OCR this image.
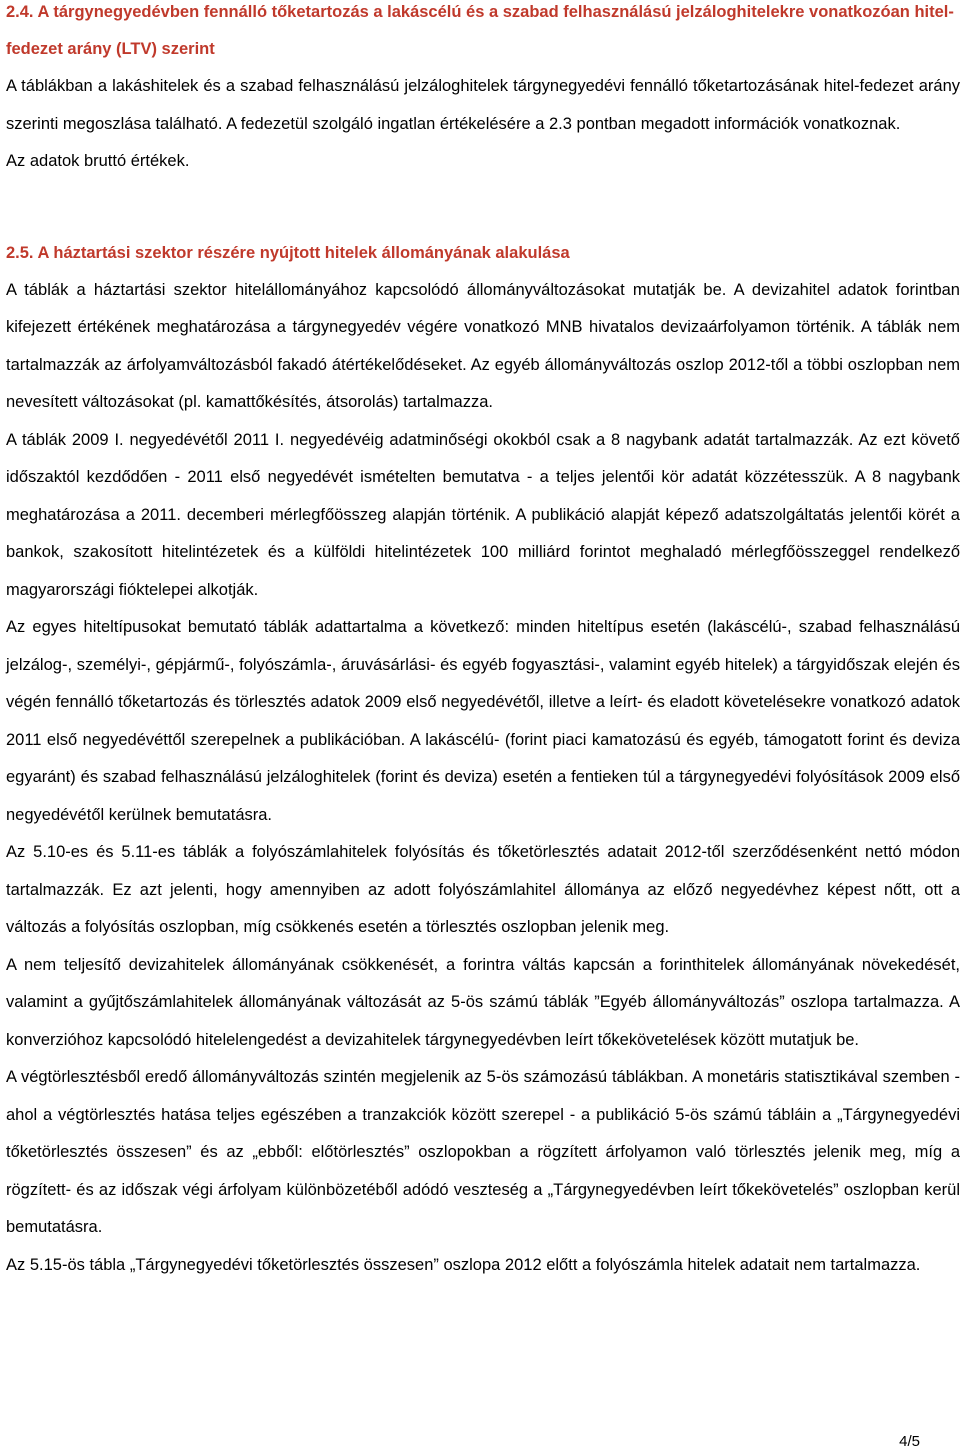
2.4. A tárgynegyedévben fennálló tőketartozás a lakáscélú és a szabad felhasználású jelzáloghitelekre vonatkozóan hitel-fedezet arány (LTV) szerint

A táblákban a lakáshitelek és a szabad felhasználású jelzáloghitelek tárgynegyedévi fennálló tőketartozásának hitel-fedezet arány szerinti megoszlása található. A fedezetül szolgáló ingatlan értékelésére a 2.3 pontban megadott információk vonatkoznak.

Az adatok bruttó értékek.

2.5. A háztartási szektor részére nyújtott hitelek állományának alakulása

A táblák a háztartási szektor hitelállományához kapcsolódó állományváltozásokat mutatják be. A devizahitel adatok forintban kifejezett értékének meghatározása a tárgynegyedév végére vonatkozó MNB hivatalos devizaárfolyamon történik. A táblák nem tartalmazzák az árfolyamváltozásból fakadó átértékelődéseket. Az egyéb állományváltozás oszlop 2012-től a többi oszlopban nem nevesített változásokat (pl. kamattőkésítés, átsorolás) tartalmazza.

A táblák 2009 I. negyedévétől 2011 I. negyedévéig adatminőségi okokból csak a 8 nagybank adatát tartalmazzák. Az ezt követő időszaktól kezdődően - 2011 első negyedévét ismételten bemutatva - a teljes jelentői kör adatát közzétesszük. A 8 nagybank meghatározása a 2011. decemberi mérlegfőösszeg alapján történik. A publikáció alapját képező adatszolgáltatás jelentői körét a bankok, szakosított hitelintézetek és a külföldi hitelintézetek 100 milliárd forintot meghaladó mérlegfőösszeggel rendelkező magyarországi fióktelepei alkotják.

Az egyes hiteltípusokat bemutató táblák adattartalma a következő: minden hiteltípus esetén (lakáscélú-, szabad felhasználású jelzálog-, személyi-, gépjármű-, folyószámla-, áruvásárlási- és egyéb fogyasztási-, valamint egyéb hitelek) a tárgyidőszak elején és végén fennálló tőketartozás és törlesztés adatok 2009 első negyedévétől, illetve a leírt- és eladott követelésekre vonatkozó adatok 2011 első negyedévéttől szerepelnek a publikációban. A lakáscélú- (forint piaci kamatozású és egyéb, támogatott forint és deviza egyaránt) és szabad felhasználású jelzáloghitelek (forint és deviza) esetén a fentieken túl a tárgynegyedévi folyósítások 2009 első negyedévétől kerülnek bemutatásra.

Az 5.10-es és 5.11-es táblák a folyószámlahitelek folyósítás és tőketörlesztés adatait 2012-től szerződésenként nettó módon tartalmazzák. Ez azt jelenti, hogy amennyiben az adott folyószámlahitel állománya az előző negyedévhez képest nőtt, ott a változás a folyósítás oszlopban, míg csökkenés esetén a törlesztés oszlopban jelenik meg.

A nem teljesítő devizahitelek állományának csökkenését, a forintra váltás kapcsán a forinthitelek állományának növekedését, valamint a gyűjtőszámlahitelek állományának változását az 5-ös számú táblák ”Egyéb állományváltozás” oszlopa tartalmazza. A konverzióhoz kapcsolódó hitelelengedést a devizahitelek tárgynegyedévben leírt tőkekövetelések között mutatjuk be.

A végtörlesztésből eredő állományváltozás szintén megjelenik az 5-ös számozású táblákban. A monetáris statisztikával szemben - ahol a végtörlesztés hatása teljes egészében a tranzakciók között szerepel - a publikáció 5-ös számú tábláin a „Tárgynegyedévi tőketörlesztés összesen” és az „ebből: előtörlesztés” oszlopokban a rögzített árfolyamon való törlesztés jelenik meg, míg a rögzített- és az időszak végi árfolyam különbözetéből adódó veszteség a „Tárgynegyedévben leírt tőkekövetelés” oszlopban kerül bemutatásra.

Az 5.15-ös tábla „Tárgynegyedévi tőketörlesztés összesen” oszlopa 2012 előtt a folyószámla hitelek adatait nem tartalmazza.

4/5
